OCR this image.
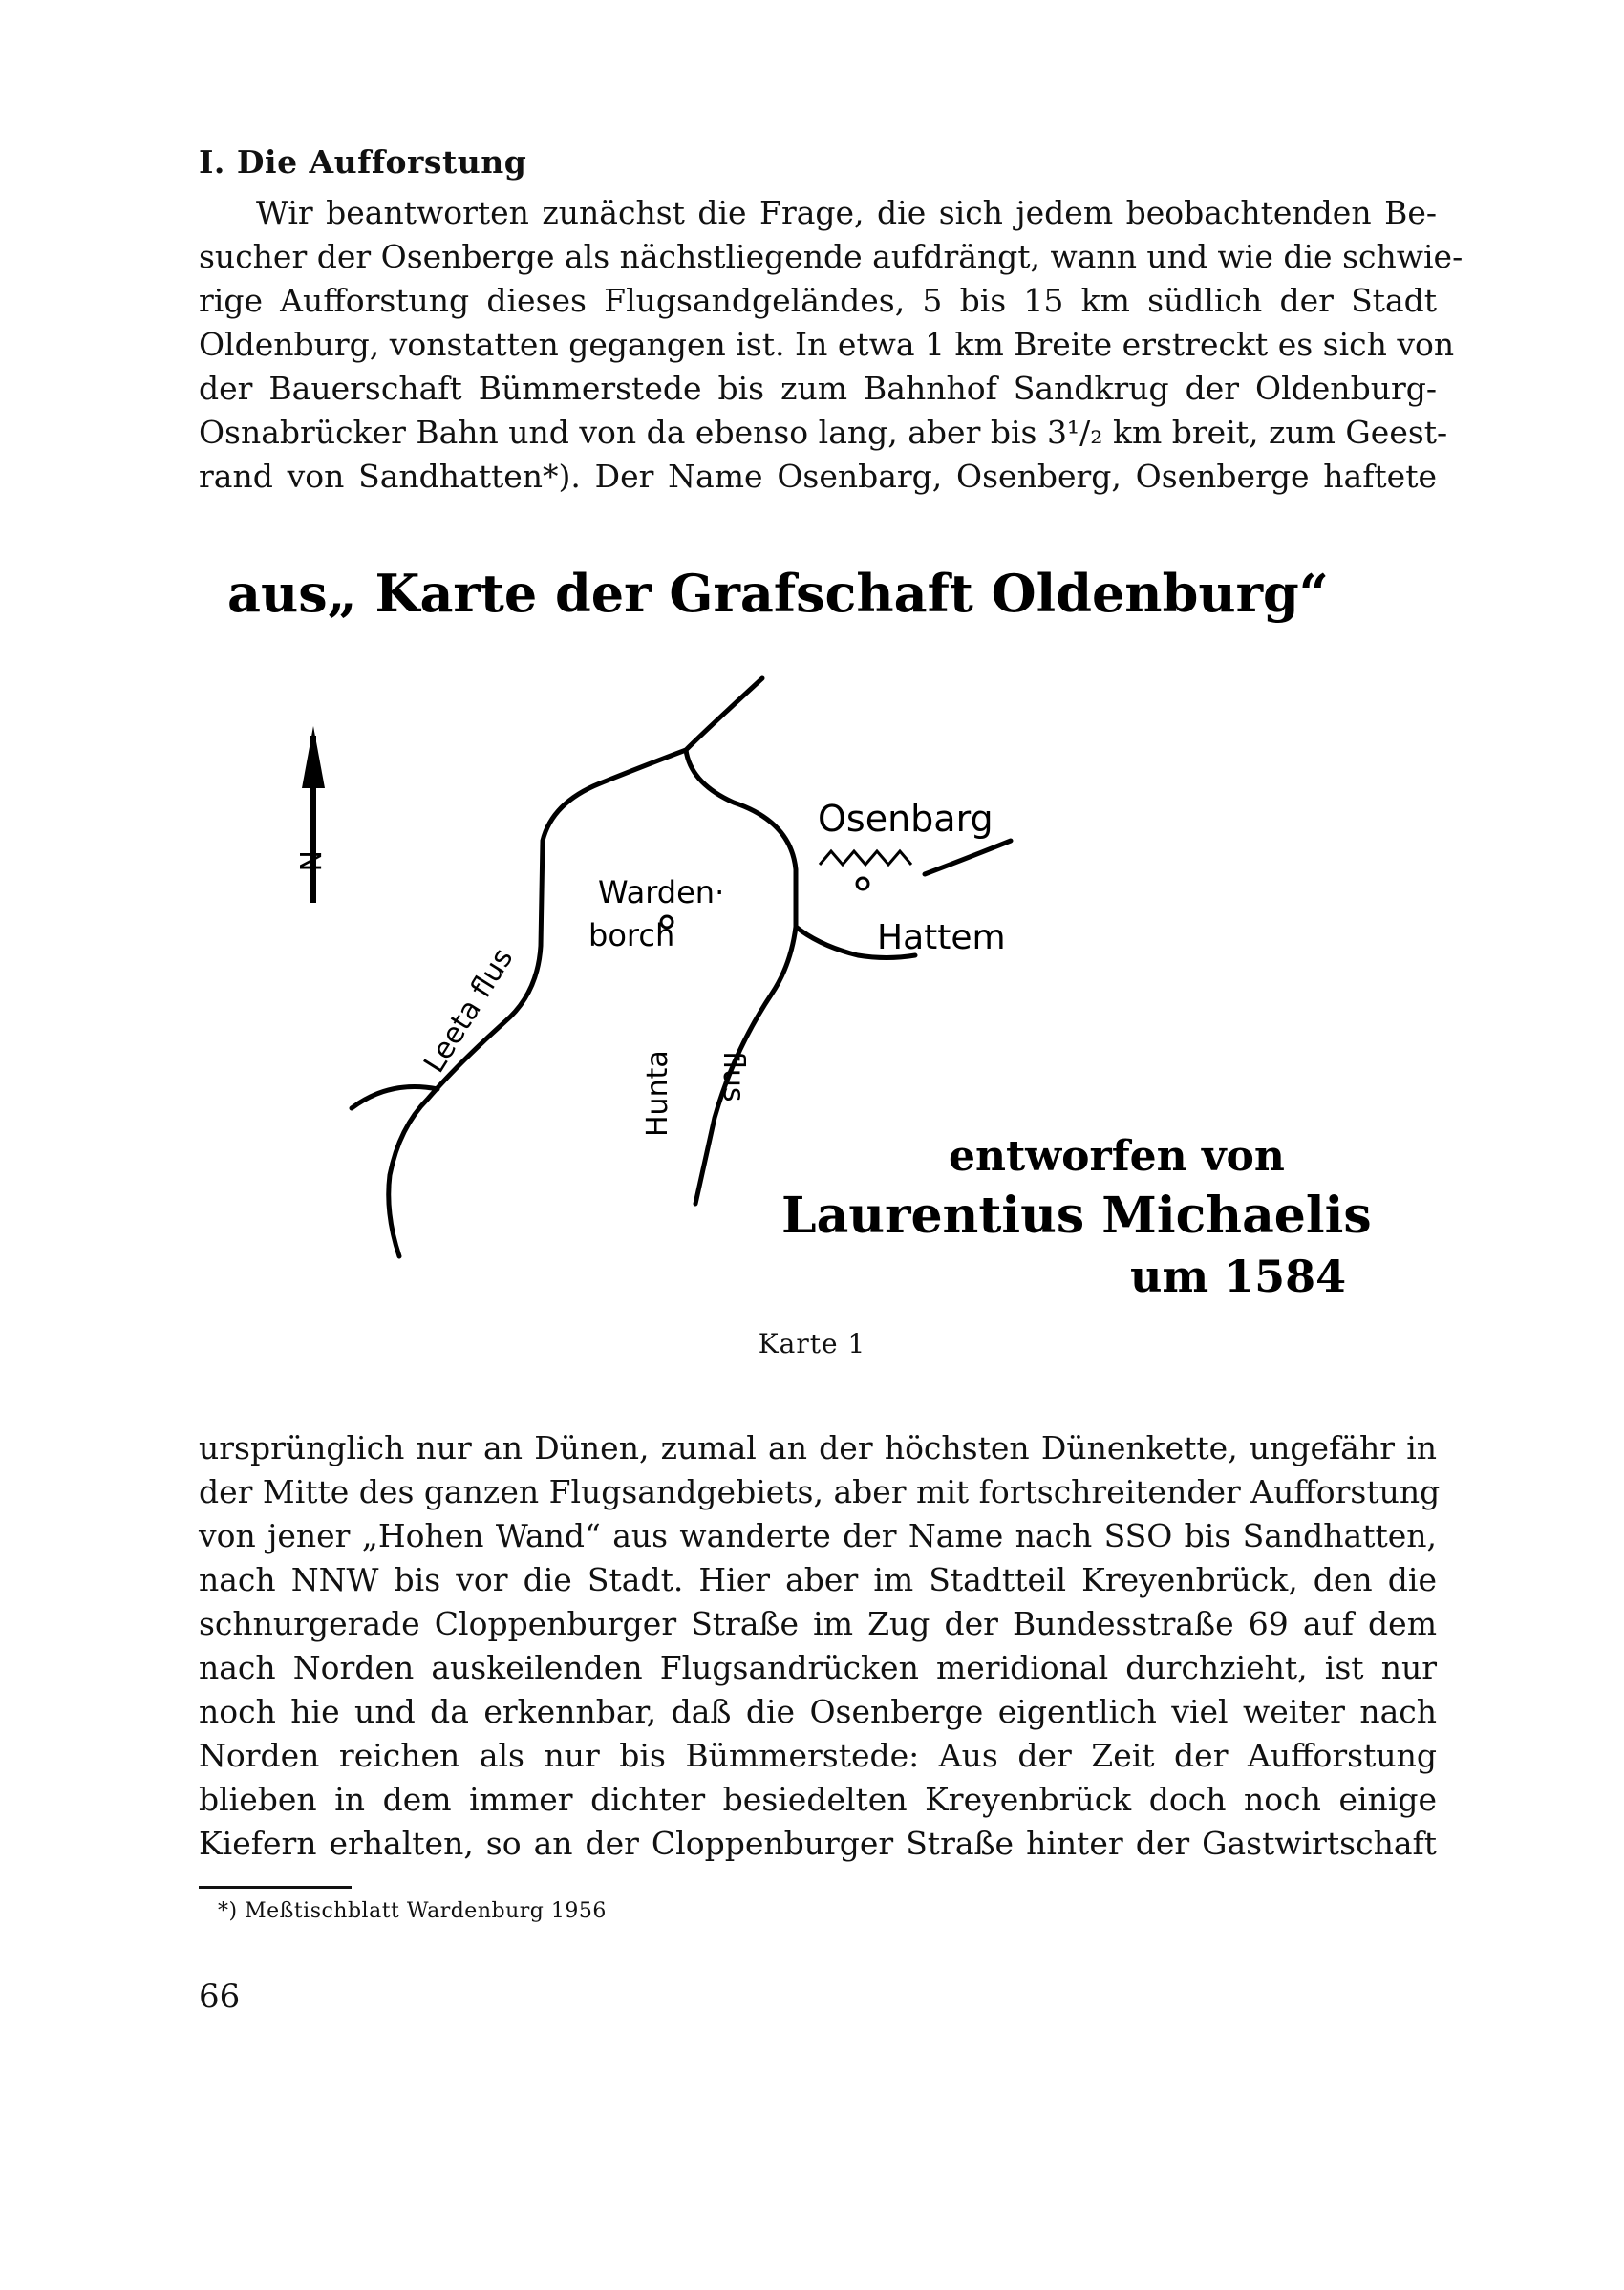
I. Die Aufforstung
Wir beantworten zunächst die Frage, die sich jedem beobachtenden Be-
sucher der Osenberge als nächstliegende aufdrängt, wann und wie die schwie-
rige Aufforstung dieses Flugsandgeländes, 5 bis 15 km südlich der Stadt
Oldenburg, vonstatten gegangen ist. In etwa 1 km Breite erstreckt es sich von
der Bauerschaft Bümmerstede bis zum Bahnhof Sandkrug der Oldenburg-
Osnabrücker Bahn und von da ebenso lang, aber bis 3¹/₂ km breit, zum Geest-
rand von Sandhatten*). Der Name Osenbarg, Osenberg, Osenberge haftete
aus„ Karte der Grafschaft Oldenburg“
N
Osenbarg
Warden·
borch	Hattem
Leeta flus
Hunta flus
entworfen von
Laurentius Michaelis
um 1584
Karte 1
ursprünglich nur an Dünen, zumal an der höchsten Dünenkette, ungefähr in
der Mitte des ganzen Flugsandgebiets, aber mit fortschreitender Aufforstung
von jener „Hohen Wand“ aus wanderte der Name nach SSO bis Sandhatten,
nach NNW bis vor die Stadt. Hier aber im Stadtteil Kreyenbrück, den die
schnurgerade Cloppenburger Straße im Zug der Bundesstraße 69 auf dem
nach Norden auskeilenden Flugsandrücken meridional durchzieht, ist nur
noch hie und da erkennbar, daß die Osenberge eigentlich viel weiter nach
Norden reichen als nur bis Bümmerstede: Aus der Zeit der Aufforstung
blieben in dem immer dichter besiedelten Kreyenbrück doch noch einige
Kiefern erhalten, so an der Cloppenburger Straße hinter der Gastwirtschaft
*) Meßtischblatt Wardenburg 1956
66
